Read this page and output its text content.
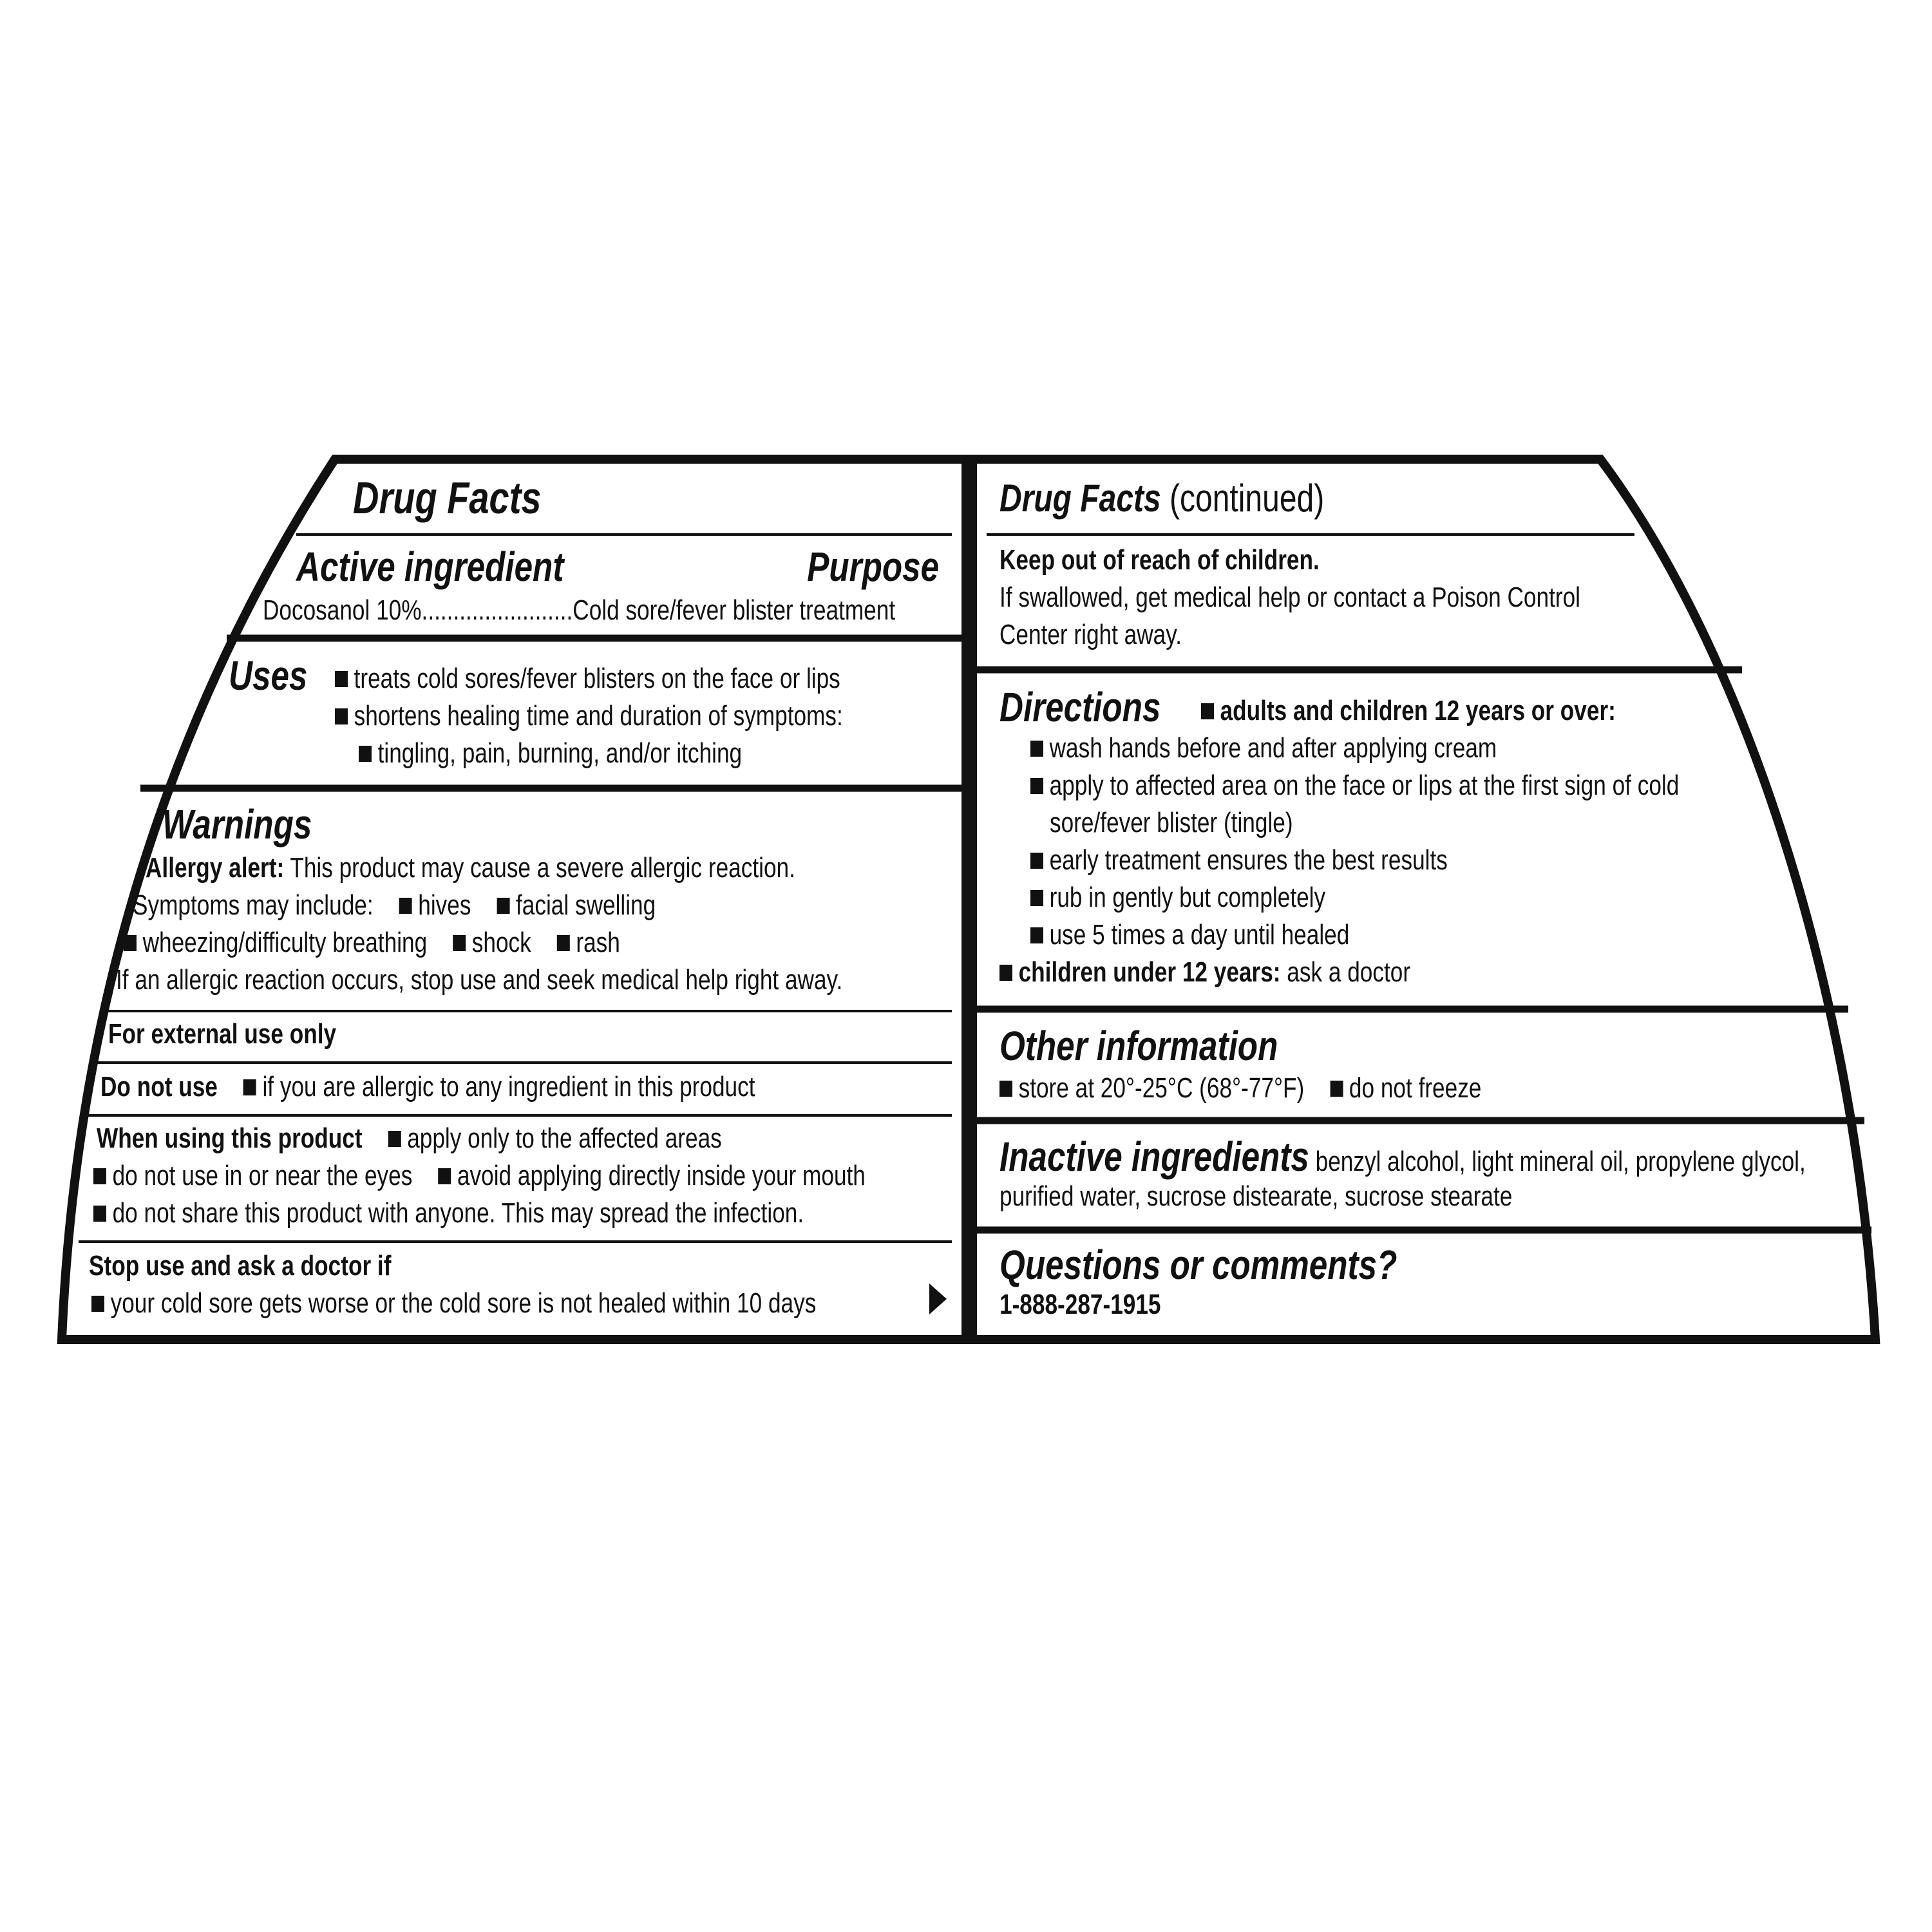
Drug Facts
Active ingredient	Purpose
Docosanol 10%........................Cold sore/fever blister treatment
Uses	treats cold sores/fever blisters on the face or lips
shortens healing time and duration of symptoms:
tingling, pain, burning, and/or itching
Warnings
Allergy alert: This product may cause a severe allergic reaction.
Symptoms may include: hives facial swelling
wheezing/difficulty breathing shock rash
If an allergic reaction occurs, stop use and seek medical help right away.
For external use only
Do not use if you are allergic to any ingredient in this product
When using this product apply only to the affected areas
do not use in or near the eyes avoid applying directly inside your mouth
do not share this product with anyone. This may spread the infection.
Stop use and ask a doctor if
your cold sore gets worse or the cold sore is not healed within 10 days
Drug Facts (continued)
Keep out of reach of children.
If swallowed, get medical help or contact a Poison Control
Center right away.
Directions	adults and children 12 years or over:
wash hands before and after applying cream
apply to affected area on the face or lips at the first sign of cold
sore/fever blister (tingle)
early treatment ensures the best results
rub in gently but completely
use 5 times a day until healed
children under 12 years: ask a doctor
Other information
store at 20°-25°C (68°-77°F) do not freeze
Inactive ingredients benzyl alcohol, light mineral oil, propylene glycol,
purified water, sucrose distearate, sucrose stearate
Questions or comments?
1-888-287-1915
